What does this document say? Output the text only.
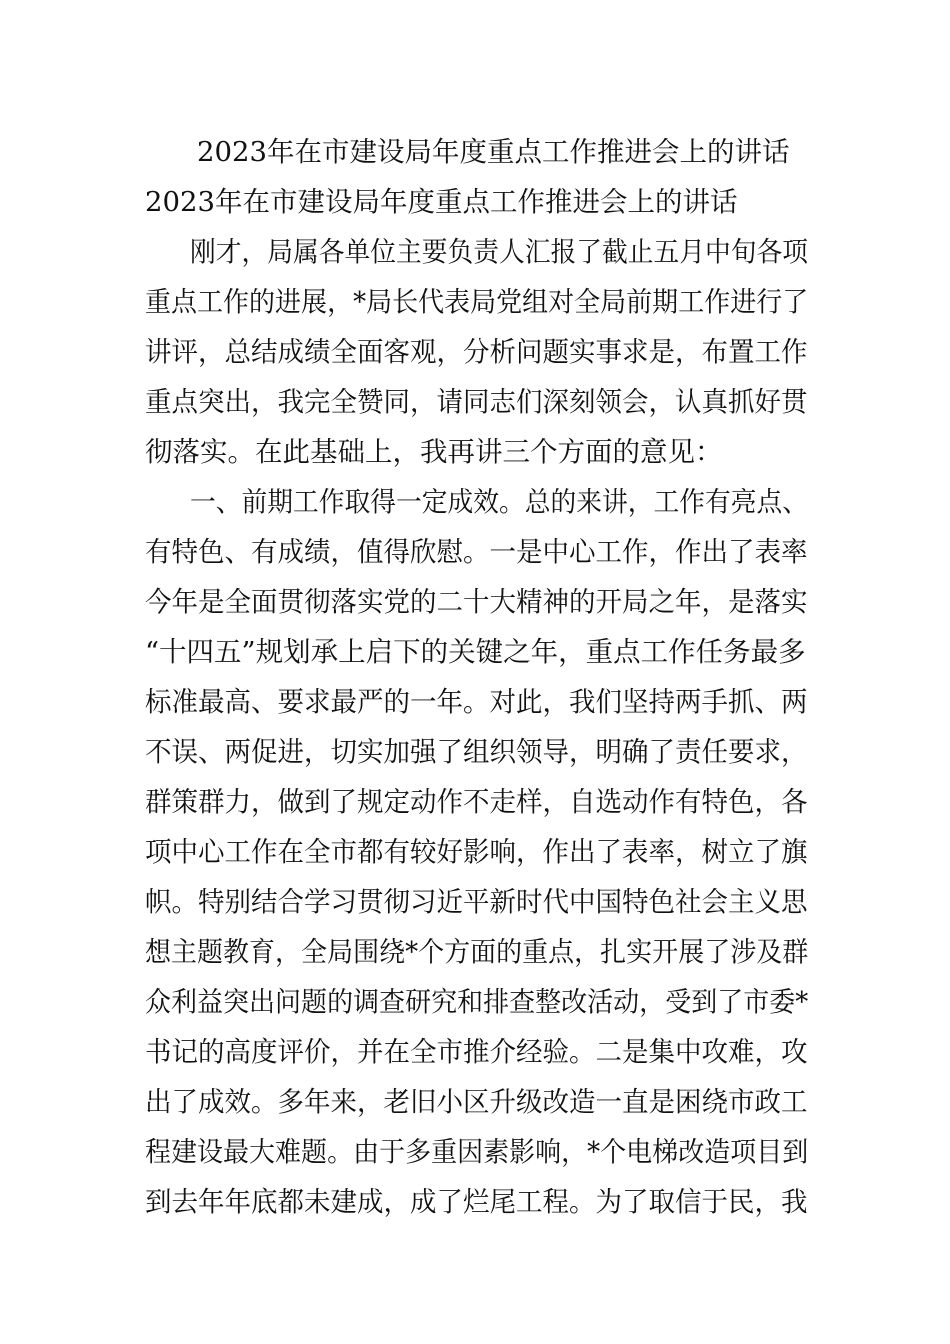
2023年在市建设局年度重点工作推进会上的讲话
2023年在市建设局年度重点工作推进会上的讲话
刚才，局属各单位主要负责人汇报了截止五月中旬各项
重点工作的进展，*局长代表局党组对全局前期工作进行了
讲评，总结成绩全面客观，分析问题实事求是，布置工作
重点突出，我完全赞同，请同志们深刻领会，认真抓好贯
彻落实。在此基础上，我再讲三个方面的意见：
一、前期工作取得一定成效。总的来讲，工作有亮点、
有特色、有成绩，值得欣慰。一是中心工作，作出了表率
今年是全面贯彻落实党的二十大精神的开局之年，是落实
“十四五”规划承上启下的关键之年，重点工作任务最多
标准最高、要求最严的一年。对此，我们坚持两手抓、两
不误、两促进，切实加强了组织领导，明确了责任要求，
群策群力，做到了规定动作不走样，自选动作有特色，各
项中心工作在全市都有较好影响，作出了表率，树立了旗
帜。特别结合学习贯彻习近平新时代中国特色社会主义思
想主题教育，全局围绕*个方面的重点，扎实开展了涉及群
众利益突出问题的调查研究和排查整改活动，受到了市委*
书记的高度评价，并在全市推介经验。二是集中攻难，攻
出了成效。多年来，老旧小区升级改造一直是困绕市政工
程建设最大难题。由于多重因素影响，*个电梯改造项目到
到去年年底都未建成，成了烂尾工程。为了取信于民，我
